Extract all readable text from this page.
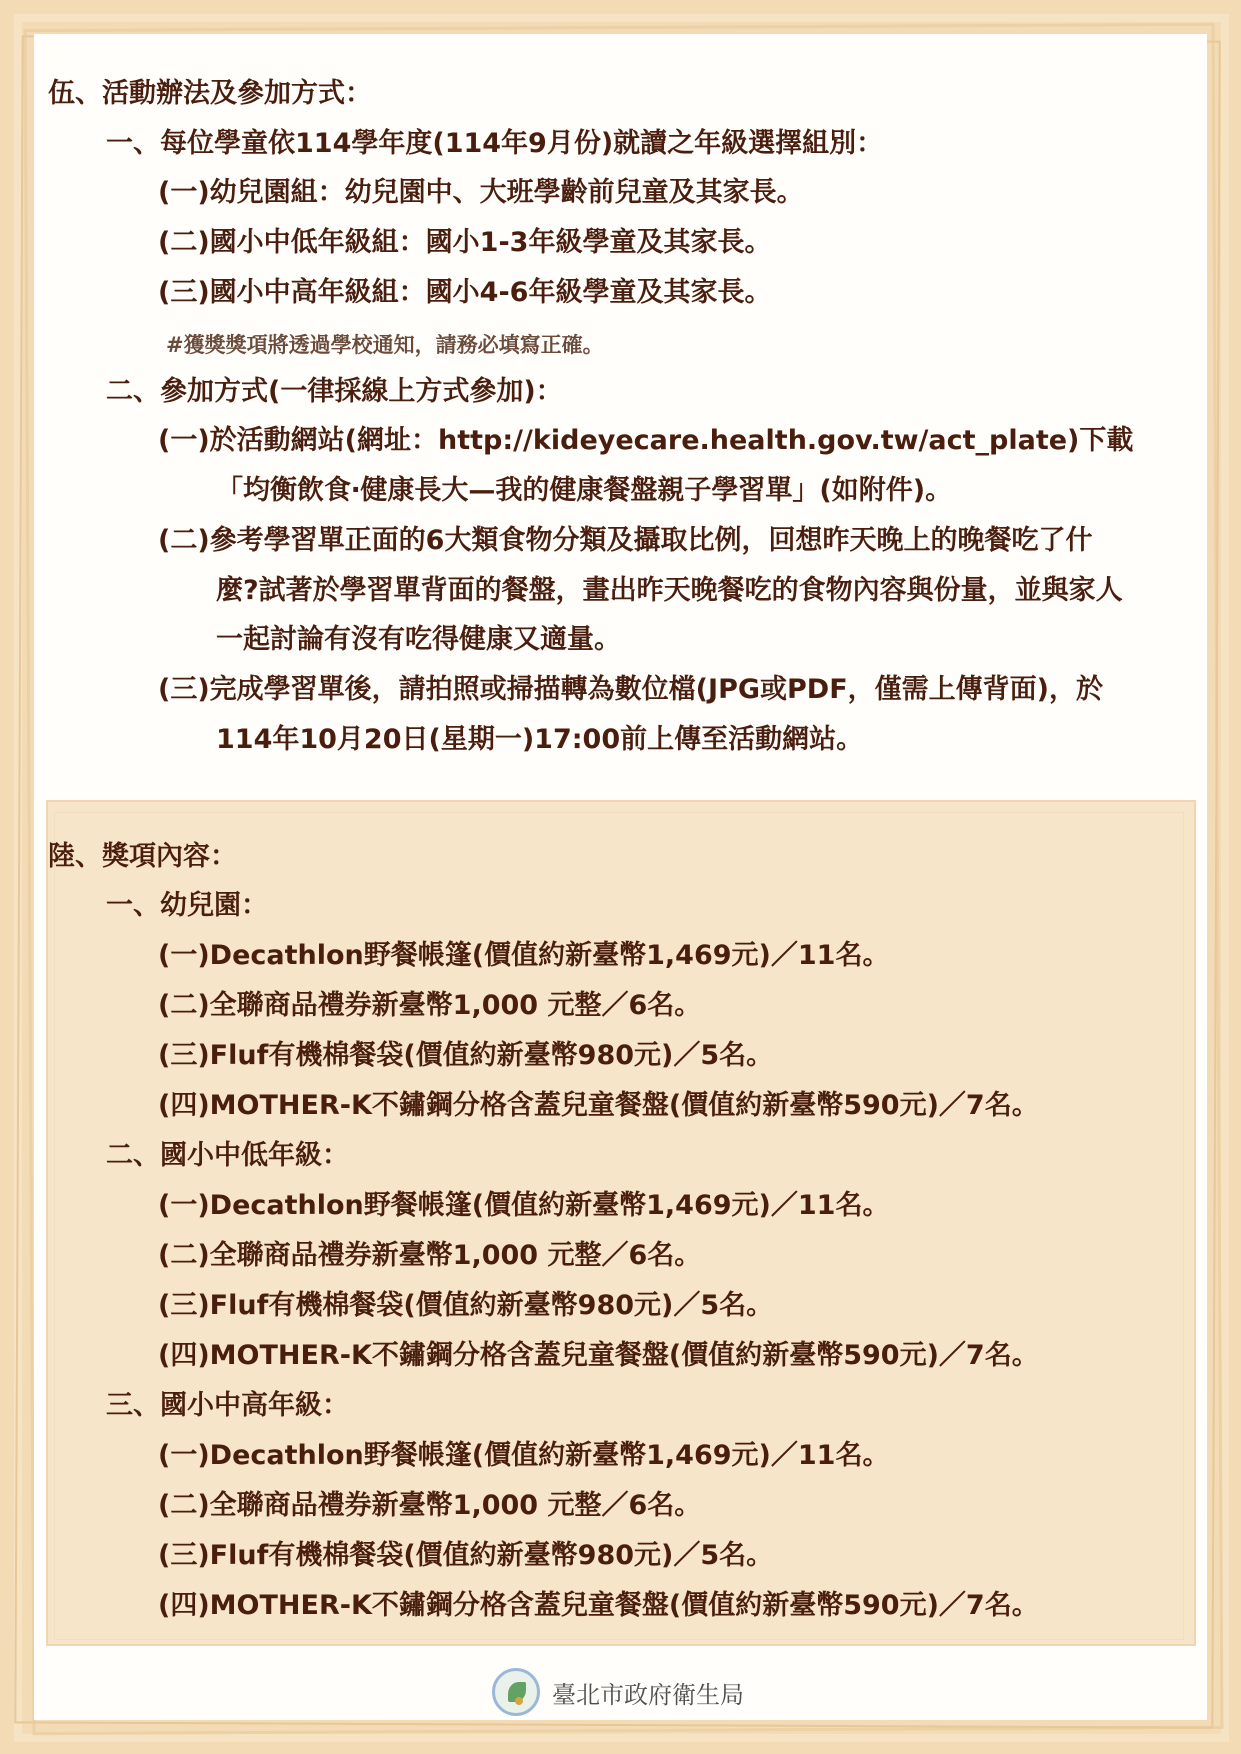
伍、活動辦法及參加方式：
一、每位學童依114學年度(114年9月份)就讀之年級選擇組別：
(一)幼兒園組：幼兒園中、大班學齡前兒童及其家長。
(二)國小中低年級組：國小1-3年級學童及其家長。
(三)國小中高年級組：國小4-6年級學童及其家長。
#獲獎獎項將透過學校通知，請務必填寫正確。
二、參加方式(一律採線上方式參加)：
(一)於活動網站(網址：http://kideyecare.health.gov.tw/act_plate)下載
「均衡飲食‧健康長大—我的健康餐盤親子學習單」(如附件)。
(二)參考學習單正面的6大類食物分類及攝取比例，回想昨天晚上的晚餐吃了什
麼?試著於學習單背面的餐盤，畫出昨天晚餐吃的食物內容與份量，並與家人
一起討論有沒有吃得健康又適量。
(三)完成學習單後，請拍照或掃描轉為數位檔(JPG或PDF，僅需上傳背面)，於
114年10月20日(星期一)17:00前上傳至活動網站。
陸、獎項內容：
一、幼兒園：
(一)Decathlon野餐帳篷(價值約新臺幣1,469元)／11名。
(二)全聯商品禮券新臺幣1,000 元整／6名。
(三)Fluf有機棉餐袋(價值約新臺幣980元)／5名。
(四)MOTHER-K不鏽鋼分格含蓋兒童餐盤(價值約新臺幣590元)／7名。
二、國小中低年級：
(一)Decathlon野餐帳篷(價值約新臺幣1,469元)／11名。
(二)全聯商品禮券新臺幣1,000 元整／6名。
(三)Fluf有機棉餐袋(價值約新臺幣980元)／5名。
(四)MOTHER-K不鏽鋼分格含蓋兒童餐盤(價值約新臺幣590元)／7名。
三、國小中高年級：
(一)Decathlon野餐帳篷(價值約新臺幣1,469元)／11名。
(二)全聯商品禮券新臺幣1,000 元整／6名。
(三)Fluf有機棉餐袋(價值約新臺幣980元)／5名。
(四)MOTHER-K不鏽鋼分格含蓋兒童餐盤(價值約新臺幣590元)／7名。
臺北市政府衛生局
